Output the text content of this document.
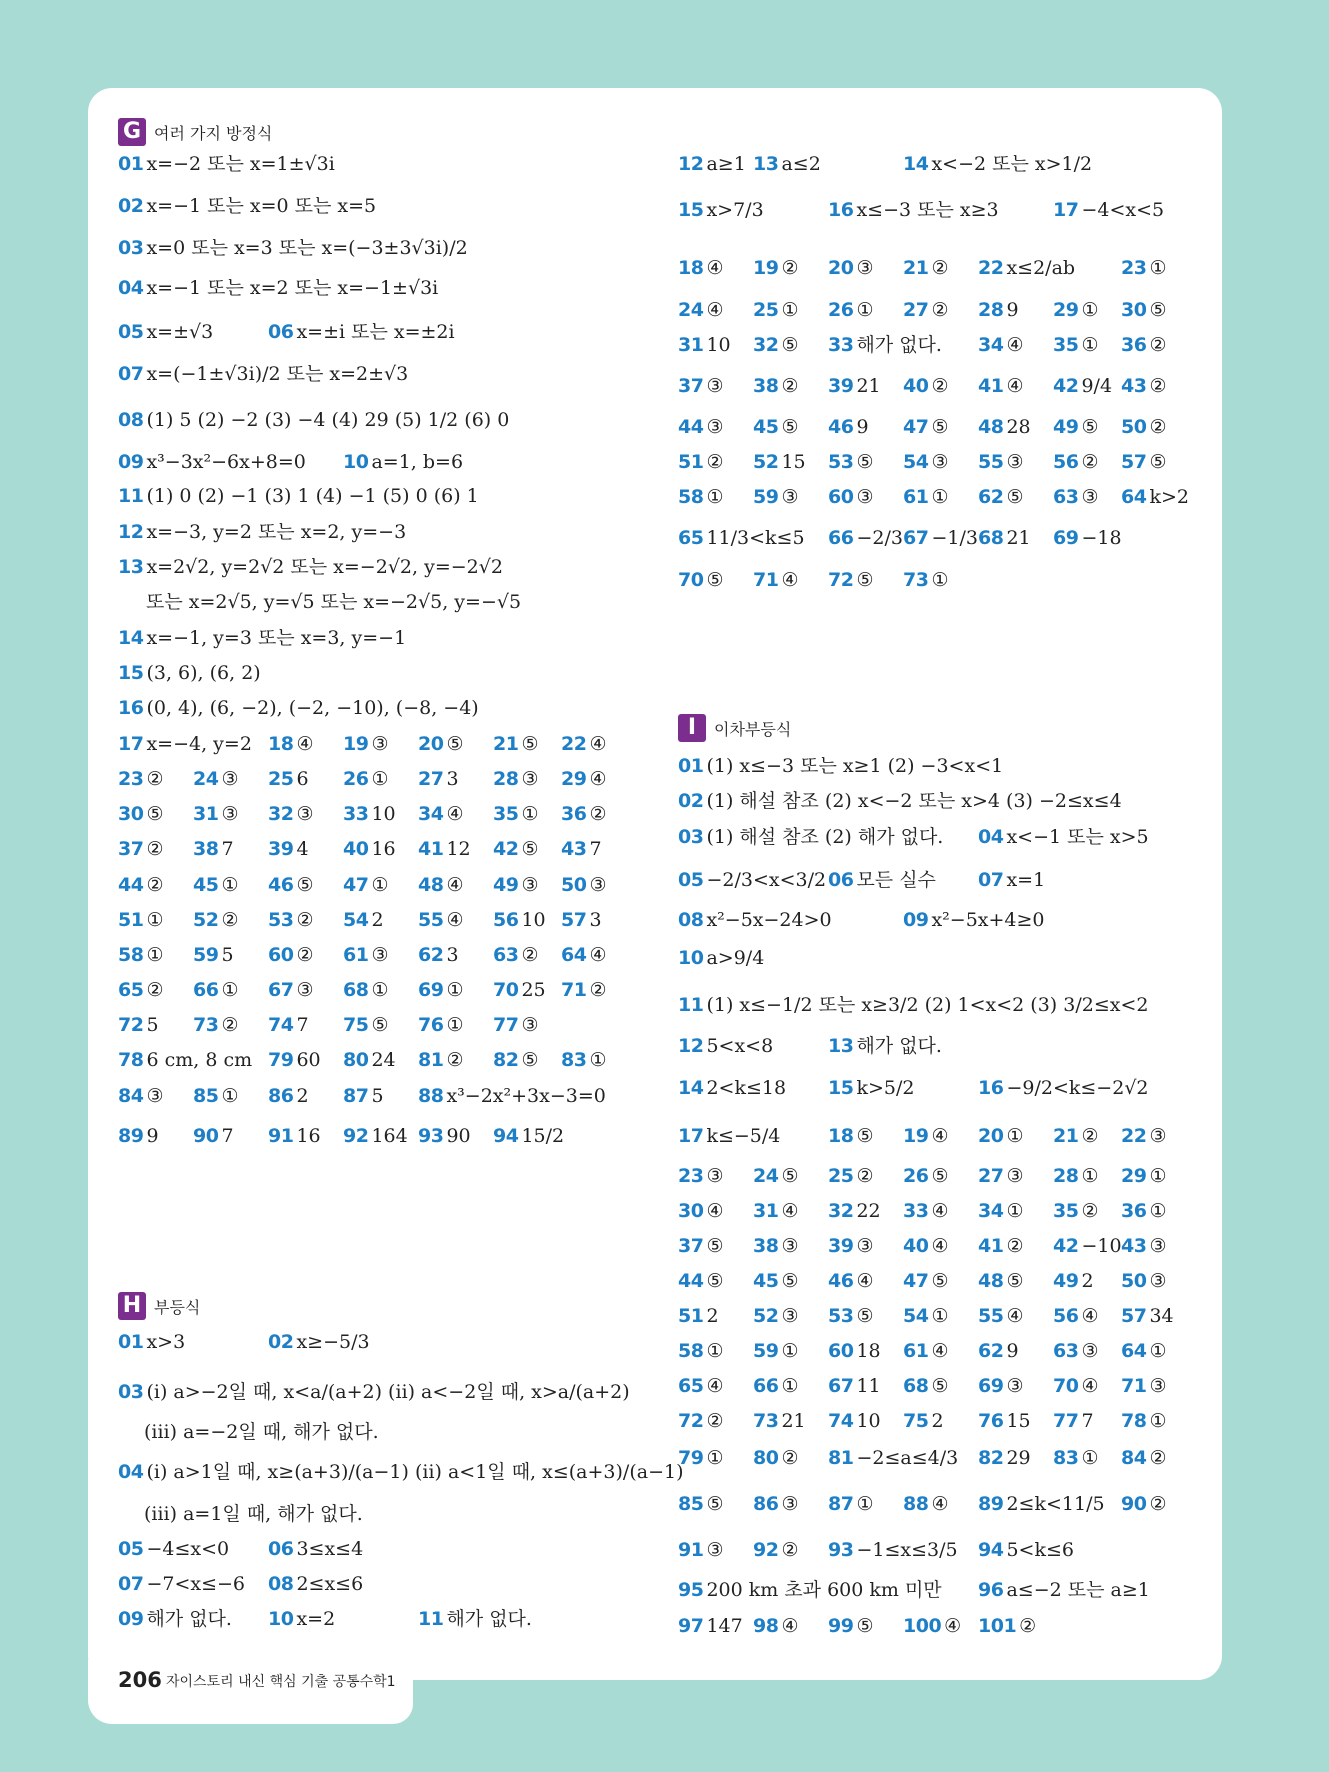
G 여러 가지 방정식
H 부등식
01 x=−2 또는 x=1±√3i
02 x=−1 또는 x=0 또는 x=5
03 x=0 또는 x=3 또는 x=(−3±3√3i)/2
04 x=−1 또는 x=2 또는 x=−1±√3i
05 x=±√3	06 x=±i 또는 x=±2i
07 x=(−1±√3i)/2 또는 x=2±√3
08 (1) 5 (2) −2 (3) −4 (4) 29 (5) 1/2 (6) 0
09 x³−3x²−6x+8=0 10 a=1, b=6
11 (1) 0 (2) −1 (3) 1 (4) −1 (5) 0 (6) 1
12 x=−3, y=2 또는 x=2, y=−3
13 x=2√2, y=2√2 또는 x=−2√2, y=−2√2
또는 x=2√5, y=√5 또는 x=−2√5, y=−√5
14 x=−1, y=3 또는 x=3, y=−1
15 (3, 6), (6, 2)
16 (0, 4), (6, −2), (−2, −10), (−8, −4)
17 x=−4, y=2 18 ④ 19 ③ 20 ⑤ 21 ⑤ 22 ④
23 ② 24 ③ 25 6 26 ① 27 3 28 ③ 29 ④
30 ⑤ 31 ③ 32 ③ 33 10 34 ④ 35 ① 36 ②
37 ② 38 7 39 4 40 16 41 12 42 ⑤ 43 7
44 ② 45 ① 46 ⑤ 47 ① 48 ④ 49 ③ 50 ③
51 ① 52 ② 53 ② 54 2 55 ④ 56 10 57 3
58 ① 59 5 60 ② 61 ③ 62 3 63 ② 64 ④
65 ② 66 ① 67 ③ 68 ① 69 ① 70 25 71 ②
72 5 73 ② 74 7 75 ⑤ 76 ① 77 ③
78 6 cm, 8 cm 79 60 80 24 81 ② 82 ⑤ 83 ①
84 ③ 85 ① 86 2 87 5 88 x³−2x²+3x−3=0
89 9 90 7 91 16 92 164 93 90 94 15/2
01 x>3	02 x≥−5/3
03 (ⅰ) a>−2일 때, x<a/(a+2) (ⅱ) a<−2일 때, x>a/(a+2)
(ⅲ) a=−2일 때, 해가 없다.
04 (ⅰ) a>1일 때, x≥(a+3)/(a−1) (ⅱ) a<1일 때, x≤(a+3)/(a−1)
(ⅲ) a=1일 때, 해가 없다.
05 −4≤x<0 06 3≤x≤4
07 −7<x≤−6 08 2≤x≤6
09 해가 없다. 10 x=2	11 해가 없다.
I 이차부등식
12 a≥1 13 a≤2	14 x<−2 또는 x>1/2
15 x>7/3	16 x≤−3 또는 x≥3	17 −4<x<5
18 ④ 19 ② 20 ③ 21 ② 22 x≤2/ab 23 ①
24 ④ 25 ① 26 ① 27 ② 28 9 29 ① 30 ⑤
31 10 32 ⑤ 33 해가 없다. 34 ④ 35 ① 36 ②
37 ③ 38 ② 39 21 40 ② 41 ④ 42 9/4 43 ②
44 ③ 45 ⑤ 46 9 47 ⑤ 48 28 49 ⑤ 50 ②
51 ② 52 15 53 ⑤ 54 ③ 55 ③ 56 ② 57 ⑤
58 ① 59 ③ 60 ③ 61 ① 62 ⑤ 63 ③ 64 k>2
65 11/3<k≤5 66 −2/3 67 −1/3 68 21 69 −18
70 ⑤ 71 ④ 72 ⑤ 73 ①
01 (1) x≤−3 또는 x≥1 (2) −3<x<1
02 (1) 해설 참조 (2) x<−2 또는 x>4 (3) −2≤x≤4
03 (1) 해설 참조 (2) 해가 없다. 04 x<−1 또는 x>5
05 −2/3<x<3/2 06 모든 실수 07 x=1
08 x²−5x−24>0	09 x²−5x+4≥0
10 a>9/4
11 (1) x≤−1/2 또는 x≥3/2 (2) 1<x<2 (3) 3/2≤x<2
12 5<x<8	13 해가 없다.
14 2<k≤18 15 k>5/2	16 −9/2<k≤−2√2
17 k≤−5/4	18 ⑤ 19 ④ 20 ① 21 ② 22 ③
23 ③ 24 ⑤ 25 ② 26 ⑤ 27 ③ 28 ① 29 ①
30 ④ 31 ④ 32 22 33 ④ 34 ① 35 ② 36 ①
37 ⑤ 38 ③ 39 ③ 40 ④ 41 ② 42 −10 43 ③
44 ⑤ 45 ⑤ 46 ④ 47 ⑤ 48 ⑤ 49 2 50 ③
51 2 52 ③ 53 ⑤ 54 ① 55 ④ 56 ④ 57 34
58 ① 59 ① 60 18 61 ④ 62 9 63 ③ 64 ①
65 ④ 66 ① 67 11 68 ⑤ 69 ③ 70 ④ 71 ③
72 ② 73 21 74 10 75 2 76 15 77 7 78 ①
79 ① 80 ② 81 −2≤a≤4/3 82 29 83 ① 84 ②
85 ⑤ 86 ③ 87 ① 88 ④ 89 2≤k<11/5 90 ②
91 ③ 92 ② 93 −1≤x≤3/5 94 5<k≤6
95 200 km 초과 600 km 미만 96 a≤−2 또는 a≥1
97 147 98 ④ 99 ⑤ 100 ④ 101 ②
206 자이스토리 내신 핵심 기출 공통수학1
